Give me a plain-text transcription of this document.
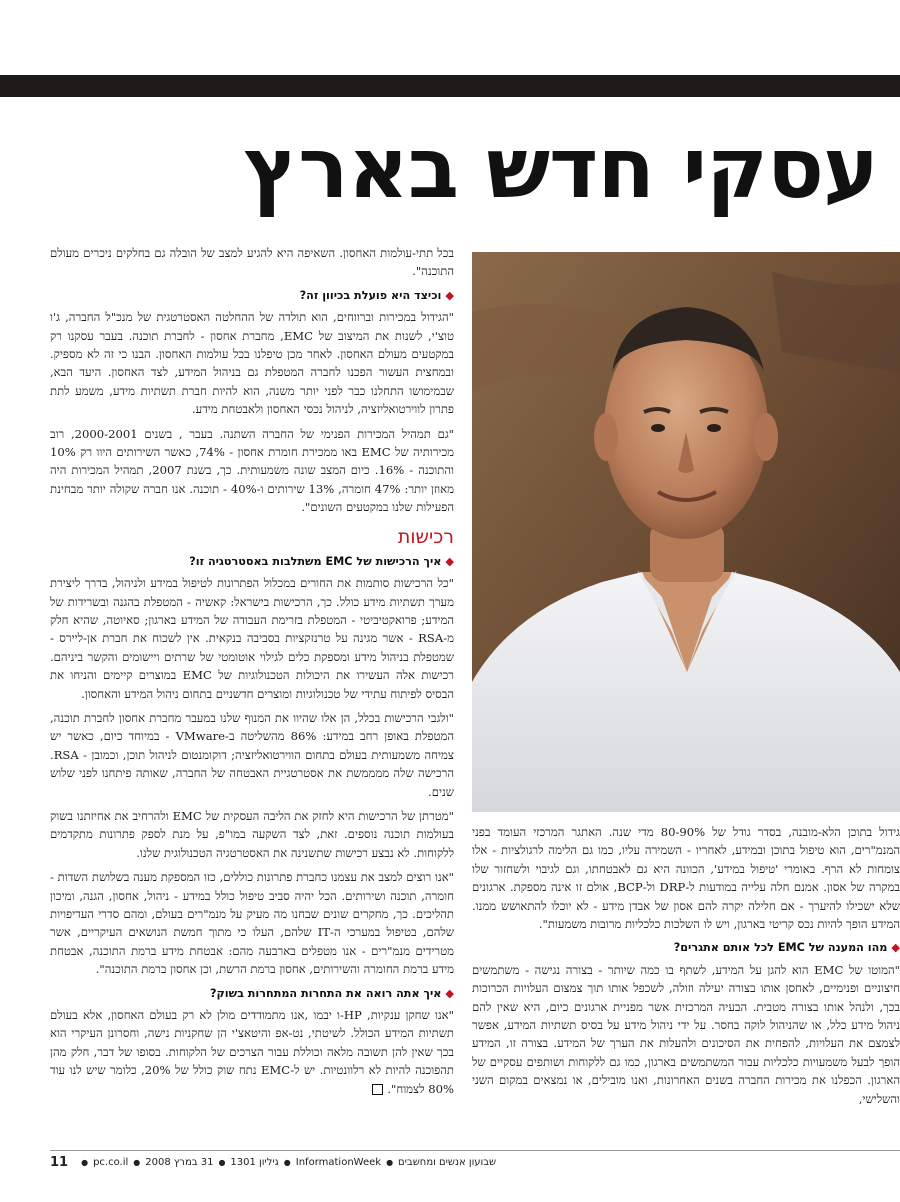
עסקי חדש בארץ

בכל תתי-עולמות האחסון. השאיפה היא להגיע למצב של הובלה גם בחלקים ניכרים מעולם התוכנה".

◆וכיצד היא פועלת בכיוון זה?

"הגידול במכירות וברווחים, הוא תולדה של ההחלטה האסטרטגית של מנכ"ל החברה, ג'ו טוצ'י, לשנות את המיצוב של EMC, מחברת אחסון - לחברת תוכנה. בעבר עסקנו רק במקטעים מעולם האחסון. לאחר מכן טיפלנו בכל עולמות האחסון. הבנו כי זה לא מספיק. ובמחצית העשור הפכנו לחברה המטפלת גם בניהול המידע, לצד האחסון. היעד הבא, שבמימושו התחלנו כבר לפני יותר משנה, הוא להיות חברת תשתיות מידע, משמע לתת פתרון לווירטואליזציה, לניהול נכסי האחסון ולאבטחת מידע.

"גם תמהיל המכירות הפנימי של החברה השתנה. בעבר , בשנים 2000-2001, רוב מכירותיה של EMC באו ממכירת חומרת אחסון - 74%, כאשר השירותים היוו רק 10% והתוכנה - 16%. כיום המצב שונה משמעותית. כך, בשנת 2007, תמהיל המכירות היה מאוזן יותר: 47% חומרה, 13% שירותים ו-40% - תוכנה. אנו חברה שקולה יותר מבחינת הפעילות שלנו במקטעים השונים".

רכישות
◆איך הרכישות של EMC משתלבות באסטרטגיה זו?

"כל הרכישות סותמות את החורים במכלול הפתרונות לטיפול במידע ולניהול, בדרך ליצירת מערך תשתיות מידע כולל. כך, הרכישות בישראל: קאשיה - המטפלת בהגנה ובשרידות של המידע; פרואקטיביטי - המטפלת בזרימת העבודה של המידע בארגון; סאיוטה, שהיא חלק מ-RSA - אשר מגינה על טרנזקציות בסביבה בנקאית. אין לשכוח את חברת אן-ליירס - שמטפלת בניהול מידע ומספקת כלים לגילוי אוטומטי של שרתים ויישומים והקשר ביניהם. רכישות אלה העשירו את היכולות הטכנולוגיות של EMC במוצרים קיימים והניחו את הבסיס לפיתוח עתידי של טכנולוגיות ומוצרים חדשניים בתחום ניהול המידע והאחסון.

"ולגבי הרכישות בכלל, הן אלו שהיוו את המנוף שלנו במעבר מחברת אחסון לחברת תוכנה, המטפלת באופן רחב במידע: 86% מהשליטה ב-VMware - במיוחד כיום, כאשר יש צמיחה משמעותית בעולם בתחום הווירטואליזציה; דוקומנטום לניהול תוכן, וכמובן - RSA. הרכישה שלה ממממשת את אסטרטגיית האבטחה של החברה, שאותה פיתחנו לפני שלוש שנים.

"מטרתן של הרכישות היא לחזק את הליבה העסקית של EMC ולהרחיב את אחיזתנו בשוק בעולמות תוכנה נוספים. זאת, לצד השקעה במו"פ, על מנת לספק פתרונות מתקדמים ללקוחות. לא נבצע רכישות שתשנינה את האסטרטגיה הטכנולוגית שלנו.

"אנו רוצים למצב את עצמנו כחברת פתרונות כוללים, כזו המספקת מענה בשלושת השדות - חומרה, תוכנה ושירותים. הכל יהיה סביב טיפול כולל במידע - ניהול, אחסון, הגנה, ומיכון תהליכים. כך, מחקרים שונים שבחנו מה מעיק על מנמ"רים בעולם, ומהם סדרי העדיפויות שלהם, בטיפול במערכי ה-IT שלהם, העלו כי מתוך חמשת הנושאים העיקריים, אשר מטרידים מנמ"רים - אנו מטפלים בארבעה מהם: אבטחת מידע ברמת התוכנה, אבטחת מידע ברמת החומרה והשירותים, אחסון ברמת הרשת, וכן אחסון ברמת התוכנה".

◆איך אתה רואה את התחרות המתחרות בשוק?

"אנו שחקן ענקיות, HP-ו יבמו ,אנו מתמודדים מולן לא רק בעולם האחסון, אלא בעולם תשתיות המידע הכולל. לשיטתי, נט-אפ והיטאצ'י הן שחקניות נישה, וחסרונן העיקרי הוא בכך שאין להן תשובה מלאה וכוללת עבור הצרכים של הלקוחות. בסופו של דבר, חלק מהן תהפוכנה להיות לא רלוונטיות. יש ל-EMC נתח שוק כולל של 20%, כלומר שיש לנו עוד 80% לצמוח".

גידול בתוכן הלא-מובנה, בסדר גודל של 80-90% מדי שנה. האתגר המרכזי העומד בפני המנמ"רים, הוא טיפול בתוכן ובמידע, לאחריו - השמירה עליו, כמו גם הלימה לרגולציות - אלו צומחות לא הרף. באומרי 'טיפול במידע', הכוונה היא גם לאבטחתו, וגם לגיבוי ולשחזור שלו במקרה של אסון. אמנם חלה עלייה במודעות ל-DRP ול-BCP, אולם זו אינה מספקת. ארגונים שלא ישכילו להיערך - אם חלילה יקרה להם אסון של אבדן מידע - לא יוכלו להתאושש ממנו. המידע הופך להיות נכס קריטי בארגון, ויש לו השלכות כלכליות מרובות משמעות".

◆מהו המענה של EMC לכל אותם אתגרים?

"המוטו של EMC הוא להגן על המידע, לשתף בו כמה שיותר - בצורה נגישה - משתמשים חיצוניים ופנימיים, לאחסן אותו בצורה יעילה וזולה, לשכפל אותו תוך צמצום העלויות הכרוכות בכך, ולנהל אותו בצורה מטבית. הבעיה המרכזית אשר מפניית ארגונים כיום, היא שאין להם ניהול מידע כלל, או שהניהול לוקה בחסר. על ידי ניהול מידע על בסיס תשתיות המידע, אפשר לצמצם את העלויות, להפחית את הסיכונים ולהעלות את הערך של המידע. בצורה זו, המידע הופך לבעל משמעויות כלכליות עבור המשתמשים בארגון, כמו גם ללקוחות ושותפים עסקיים של הארגון. הכפלנו את מכירות החברה בשנים האחרונות, ואנו מובילים, או נמצאים במקום השני והשלישי,

שבועון אנשים ומחשבים
●
InformationWeek
●
גיליון 1301
●
31 במרץ 2008
●
pc.co.il
●
11
